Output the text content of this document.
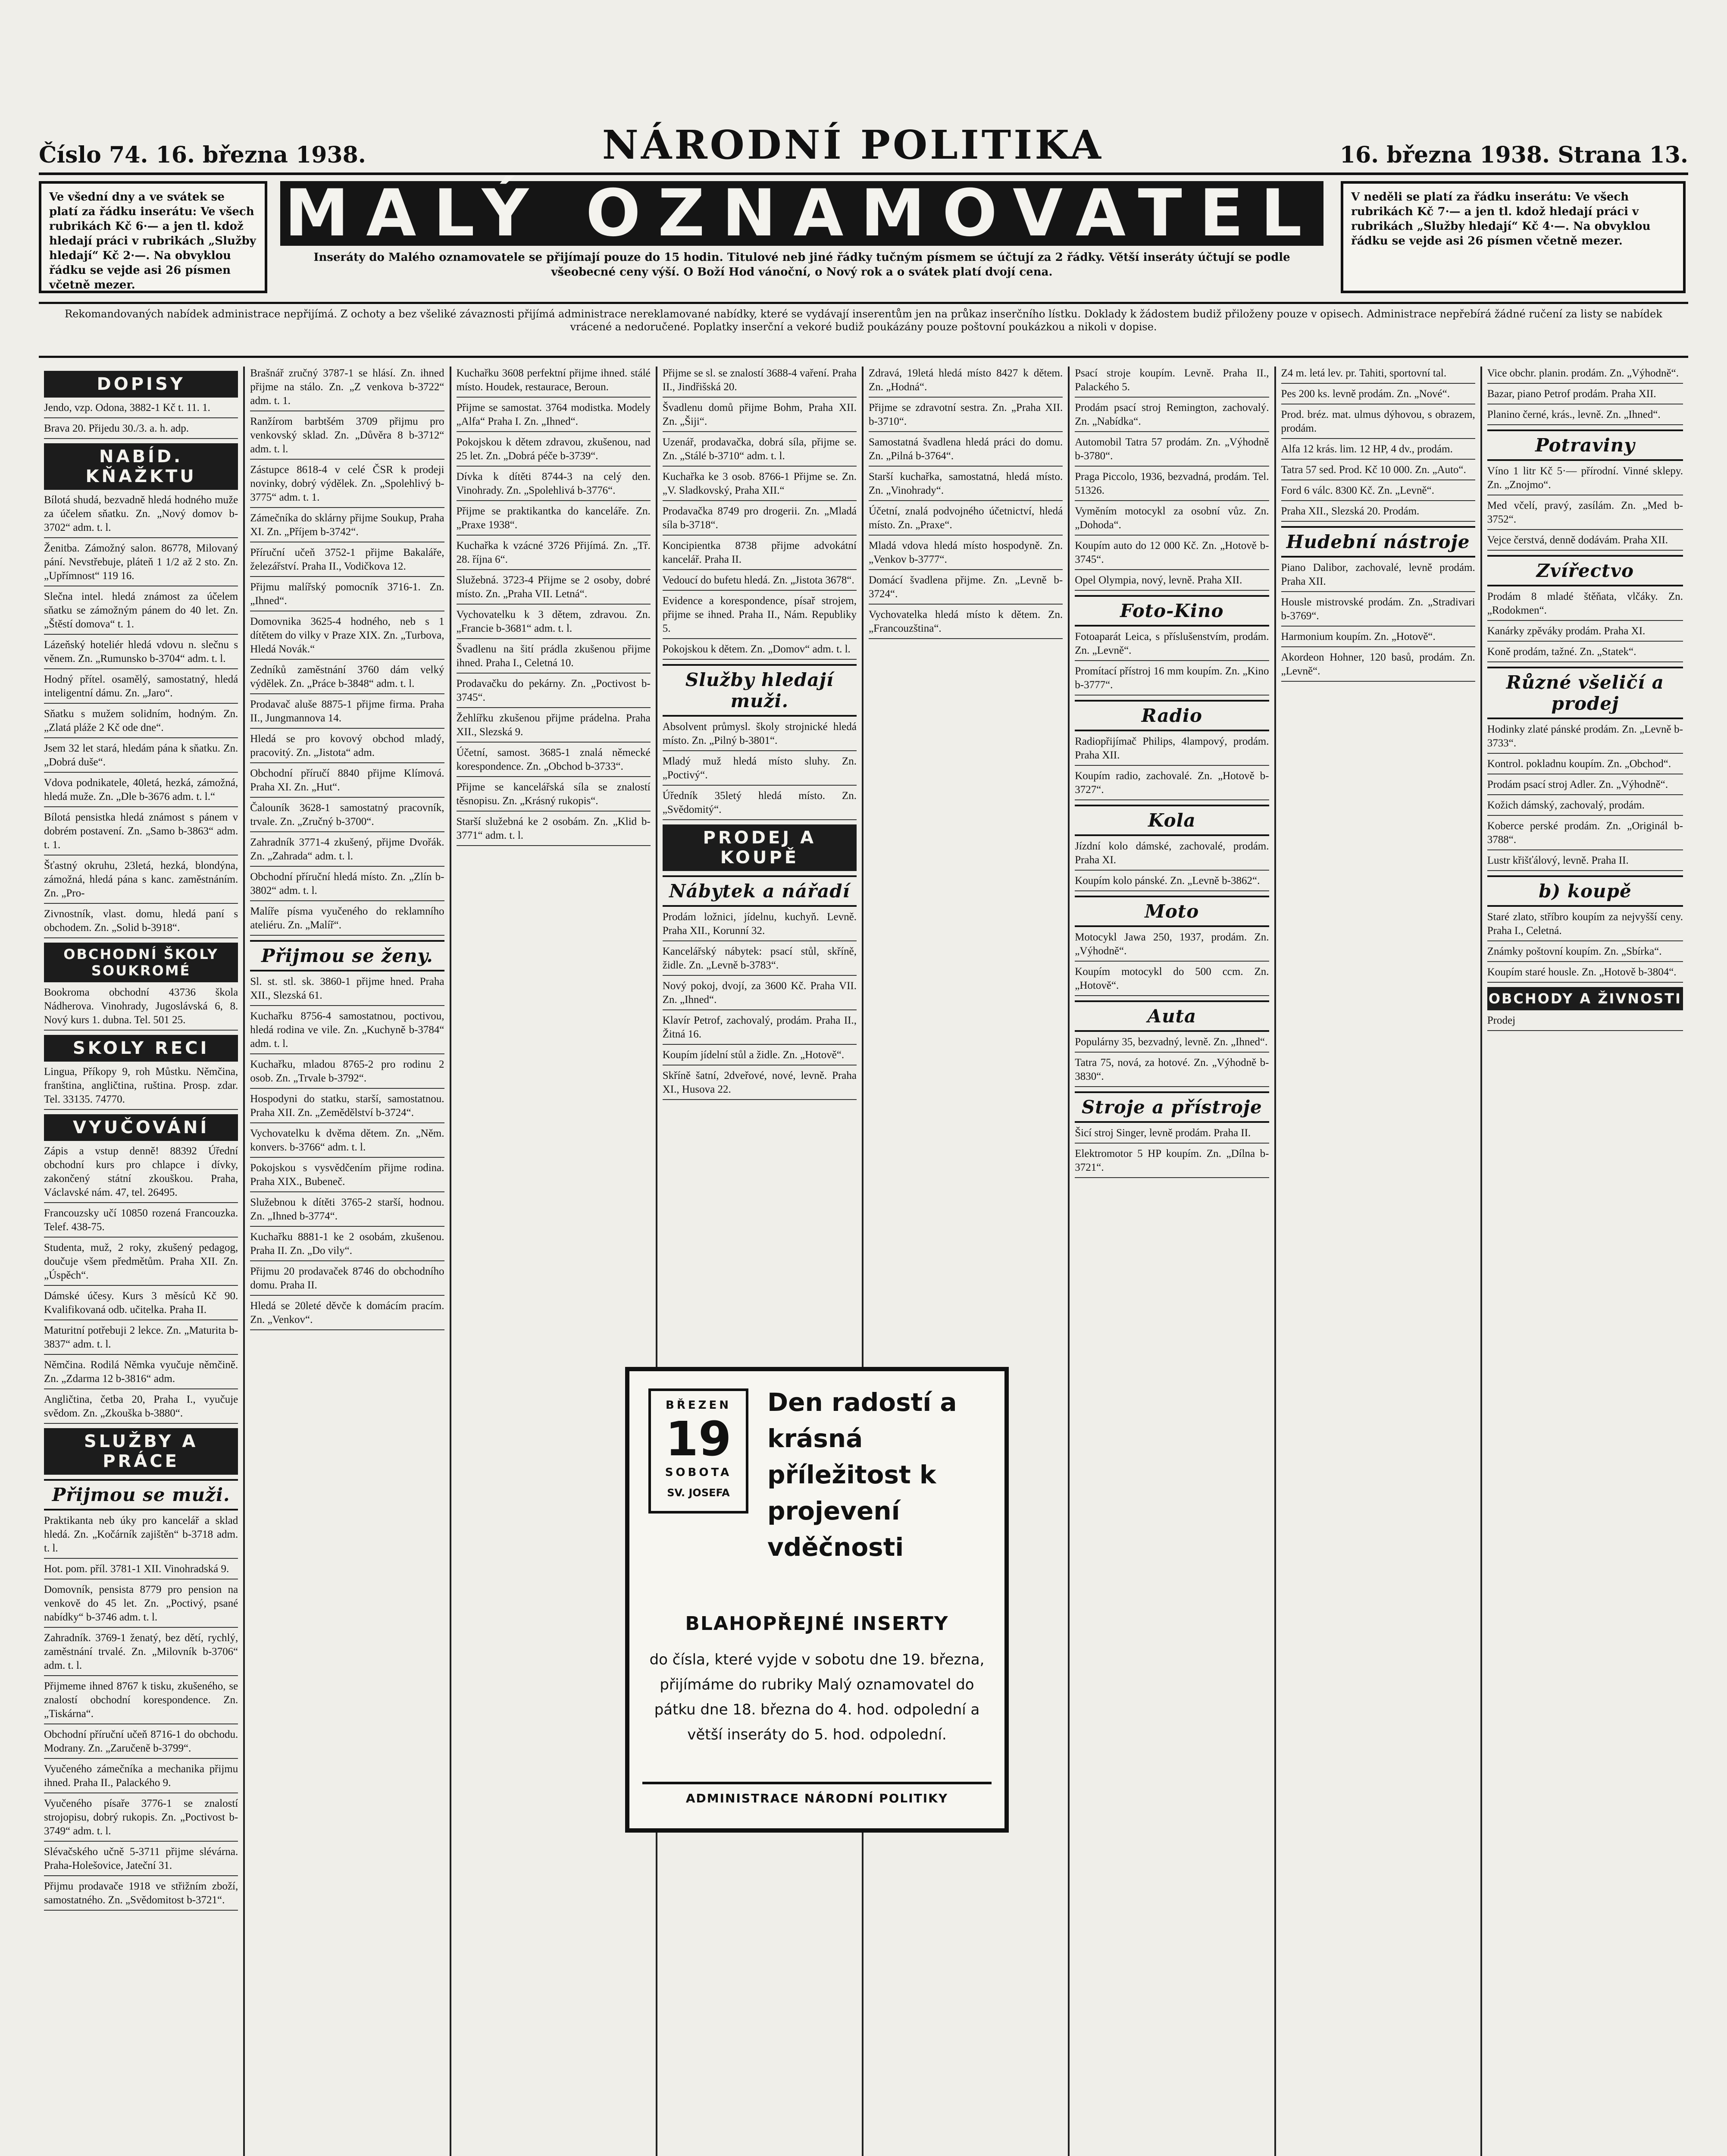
Číslo 74. 16. března 1938.	NÁRODNÍ POLITIKA	16. března 1938. Strana 13.
Ve všední dny a ve svátek se platí za řádku inserátu: Ve všech rubrikách Kč 6·— a jen tl. kdož hledají práci v rubrikách „Služby hledají“ Kč 2·—. Na obvyklou řádku se vejde asi 26 písmen včetně mezer.
MALÝ OZNAMOVATEL
Inseráty do Malého oznamovatele se přijímají pouze do 15 hodin. Titulové neb jiné řádky tučným písmem se účtují za 2 řádky. Větší inseráty účtují se podle všeobecné ceny výší. O Boží Hod vánoční, o Nový rok a o svátek platí dvojí cena.
V neděli se platí za řádku inserátu: Ve všech rubrikách Kč 7·— a jen tl. kdož hledají práci v rubrikách „Služby hledají“ Kč 4·—. Na obvyklou řádku se vejde asi 26 písmen včetně mezer.
Rekomandovaných nabídek administrace nepřijímá. Z ochoty a bez všeliké závaznosti přijímá administrace nereklamované nabídky, které se vydávají inserentům jen na průkaz inserčního lístku. Doklady k žádostem budiž přiloženy pouze v opisech. Administrace nepřebírá žádné ručení za listy se nabídek vrácené a nedoručené. Poplatky inserční a vekoré budiž poukázány pouze poštovní poukázkou a nikoli v dopise.
DOPISY

Jendo, vzp. Odona, 3882-1 Kč t. 11. 1.

Brava 20. Přijedu 30./3. a. h. adp.

NABÍD. KŇAŽKTU

Bílotá shudá, bezvadně hledá hodného muže za účelem sňatku. Zn. „Nový domov b-3702“ adm. t. l.

Ženitba. Zámožný salon. 86778, Milovaný pání. Nevstřebuje, pláteň 1 1/2 až 2 sto. Zn. „Upřímnost“ 119 16.

Slečna intel. hledá známost za účelem sňatku se zámožným pánem do 40 let. Zn. „Štěstí domova“ t. 1.

Lázeňský hoteliér hledá vdovu n. slečnu s věnem. Zn. „Rumunsko b-3704“ adm. t. l.

Hodný přítel. osamělý, samostatný, hledá inteligentní dámu. Zn. „Jaro“.

Sňatku s mužem solidním, hodným. Zn. „Zlatá pláže 2 Kč ode dne“.

Jsem 32 let stará, hledám pána k sňatku. Zn. „Dobrá duše“.

Vdova podnikatele, 40letá, hezká, zámožná, hledá muže. Zn. „Dle b-3676 adm. t. l.“

Bílotá pensistka hledá známost s pánem v dobrém postavení. Zn. „Samo b-3863“ adm. t. 1.

Šťastný okruhu, 23letá, hezká, blondýna, zámožná, hledá pána s kanc. zaměstnáním. Zn. „Pro-

Zivnostník, vlast. domu, hledá paní s obchodem. Zn. „Solid b-3918“.

OBCHODNÍ ŠKOLY SOUKROMÉ

Bookroma obchodní 43736 škola Nádherova. Vinohrady, Jugoslávská 6, 8. Nový kurs 1. dubna. Tel. 501 25.

SKOLY RECI

Lingua, Příkopy 9, roh Můstku. Němčina, franština, angličtina, ruština. Prosp. zdar. Tel. 33135. 74770.

VYUČOVÁNÍ

Zápis a vstup denně! 88392 Úřední obchodní kurs pro chlapce i dívky, zakončený státní zkouškou. Praha, Václavské nám. 47, tel. 26495.

Francouzsky učí 10850 rozená Francouzka. Telef. 438-75.

Studenta, muž, 2 roky, zkušený pedagog, doučuje všem předmětům. Praha XII. Zn. „Úspěch“.

Dámské účesy. Kurs 3 měsíců Kč 90. Kvalifikovaná odb. učitelka. Praha II.

Maturitní potřebuji 2 lekce. Zn. „Maturita b-3837“ adm. t. l.

Němčina. Rodilá Němka vyučuje němčině. Zn. „Zdarma 12 b-3816“ adm.

Angličtina, četba 20, Praha I., vyučuje svědom. Zn. „Zkouška b-3880“.

SLUŽBY A PRÁCE
Přijmou se muži.

Praktikanta neb úky pro kancelář a sklad hledá. Zn. „Kočárník zajištěn“ b-3718 adm. t. l.

Hot. pom. příl. 3781-1 XII. Vinohradská 9.

Domovník, pensista 8779 pro pension na venkově do 45 let. Zn. „Poctivý, psané nabídky“ b-3746 adm. t. l.

Zahradník. 3769-1 ženatý, bez dětí, rychlý, zaměstnání trvalé. Zn. „Milovník b-3706“ adm. t. l.

Přijmeme ihned 8767 k tisku, zkušeného, se znalostí obchodní korespondence. Zn. „Tiskárna“.

Obchodní příruční učeň 8716-1 do obchodu. Modrany. Zn. „Zaručeně b-3799“.

Vyučeného zámečníka a mechanika přijmu ihned. Praha II., Palackého 9.

Vyučeného písaře 3776-1 se znalostí strojopisu, dobrý rukopis. Zn. „Poctivost b-3749“ adm. t. l.

Slévačského učně 5-3711 přijme slévárna. Praha-Holešovice, Jateční 31.

Přijmu prodavače 1918 ve střižním zboží, samostatného. Zn. „Svědomitost b-3721“.

Brašnář zručný 3787-1 se hlásí. Zn. ihned přijme na stálo. Zn. „Z venkova b-3722“ adm. t. 1.

Ranžírom barbtšém 3709 přijmu pro venkovský sklad. Zn. „Důvěra 8 b-3712“ adm. t. l.

Zástupce 8618-4 v celé ČSR k prodeji novinky, dobrý výdělek. Zn. „Spolehlivý b-3775“ adm. t. 1.

Zámečníka do sklárny přijme Soukup, Praha XI. Zn. „Příjem b-3742“.

Příruční učeň 3752-1 přijme Bakaláře, železářství. Praha II., Vodičkova 12.

Přijmu malířský pomocník 3716-1. Zn. „Ihned“.

Domovnika 3625-4 hodného, neb s 1 dítětem do vilky v Praze XIX. Zn. „Turbova, Hledá Novák.“

Zedníků zaměstnání 3760 dám velký výdělek. Zn. „Práce b-3848“ adm. t. l.

Prodavač aluše 8875-1 přijme firma. Praha II., Jungmannova 14.

Hledá se pro kovový obchod mladý, pracovitý. Zn. „Jistota“ adm.

Obchodní příručí 8840 přijme Klímová. Praha XI. Zn. „Hut“.

Čalouník 3628-1 samostatný pracovník, trvale. Zn. „Zručný b-3700“.

Zahradník 3771-4 zkušený, přijme Dvořák. Zn. „Zahrada“ adm. t. l.

Obchodní příruční hledá místo. Zn. „Zlín b-3802“ adm. t. l.

Malíře písma vyučeného do reklamního ateliéru. Zn. „Malíř“.

Přijmou se ženy.

Sl. st. stl. sk. 3860-1 přijme hned. Praha XII., Slezská 61.

Kuchařku 8756-4 samostatnou, poctivou, hledá rodina ve vile. Zn. „Kuchyně b-3784“ adm. t. l.

Kuchařku, mladou 8765-2 pro rodinu 2 osob. Zn. „Trvale b-3792“.

Hospodyni do statku, starší, samostatnou. Praha XII. Zn. „Zemědělství b-3724“.

Vychovatelku k dvěma dětem. Zn. „Něm. konvers. b-3766“ adm. t. l.

Pokojskou s vysvědčením přijme rodina. Praha XIX., Bubeneč.

Služebnou k dítěti 3765-2 starší, hodnou. Zn. „Ihned b-3774“.

Kuchařku 8881-1 ke 2 osobám, zkušenou. Praha II. Zn. „Do vily“.

Přijmu 20 prodavaček 8746 do obchodního domu. Praha II.

Hledá se 20leté děvče k domácím pracím. Zn. „Venkov“.

Kuchařku 3608 perfektní přijme ihned. stálé místo. Houdek, restaurace, Beroun.

Přijme se samostat. 3764 modistka. Modely „Alfa“ Praha I. Zn. „Ihned“.

Pokojskou k dětem zdravou, zkušenou, nad 25 let. Zn. „Dobrá péče b-3739“.

Dívka k dítěti 8744-3 na celý den. Vinohrady. Zn. „Spolehlivá b-3776“.

Přijme se praktikantka do kanceláře. Zn. „Praxe 1938“.

Kuchařka k vzácné 3726 Přijímá. Zn. „Tř. 28. října 6“.

Služebná. 3723-4 Přijme se 2 osoby, dobré místo. Zn. „Praha VII. Letná“.

Vychovatelku k 3 dětem, zdravou. Zn. „Francie b-3681“ adm. t. l.

Švadlenu na šití prádla zkušenou přijme ihned. Praha I., Celetná 10.

Prodavačku do pekárny. Zn. „Poctivost b-3745“.

Žehlířku zkušenou přijme prádelna. Praha XII., Slezská 9.

Účetní, samost. 3685-1 znalá německé korespondence. Zn. „Obchod b-3733“.

Přijme se kancelářská síla se znalostí těsnopisu. Zn. „Krásný rukopis“.

Starší služebná ke 2 osobám. Zn. „Klid b-3771“ adm. t. l.

Přijme se sl. se znalostí 3688-4 vaření. Praha II., Jindřišská 20.

Švadlenu domů přijme Bohm, Praha XII. Zn. „Šiji“.

Uzenář, prodavačka, dobrá síla, přijme se. Zn. „Stálé b-3710“ adm. t. l.

Kuchařka ke 3 osob. 8766-1 Přijme se. Zn. „V. Sladkovský, Praha XII.“

Prodavačka 8749 pro drogerii. Zn. „Mladá síla b-3718“.

Koncipientka 8738 přijme advokátní kancelář. Praha II.

Vedoucí do bufetu hledá. Zn. „Jistota 3678“.

Evidence a korespondence, písař strojem, přijme se ihned. Praha II., Nám. Republiky 5.

Pokojskou k dětem. Zn. „Domov“ adm. t. l.

Služby hledají muži.

Absolvent průmysl. školy strojnické hledá místo. Zn. „Pilný b-3801“.

Mladý muž hledá místo sluhy. Zn. „Poctivý“.

Úředník 35letý hledá místo. Zn. „Svědomitý“.

PRODEJ A KOUPĚ
Nábytek a nářadí

Prodám ložnici, jídelnu, kuchyň. Levně. Praha XII., Korunní 32.

Kancelářský nábytek: psací stůl, skříně, židle. Zn. „Levně b-3783“.

Nový pokoj, dvojí, za 3600 Kč. Praha VII. Zn. „Ihned“.

Klavír Petrof, zachovalý, prodám. Praha II., Žitná 16.

Koupím jídelní stůl a židle. Zn. „Hotově“.

Skříně šatní, 2dveřové, nové, levně. Praha XI., Husova 22.

Zdravá, 19letá hledá místo 8427 k dětem. Zn. „Hodná“.

Přijme se zdravotní sestra. Zn. „Praha XII. b-3710“.

Samostatná švadlena hledá práci do domu. Zn. „Pilná b-3764“.

Starší kuchařka, samostatná, hledá místo. Zn. „Vinohrady“.

Účetní, znalá podvojného účetnictví, hledá místo. Zn. „Praxe“.

Mladá vdova hledá místo hospodyně. Zn. „Venkov b-3777“.

Domácí švadlena přijme. Zn. „Levně b-3724“.

Vychovatelka hledá místo k dětem. Zn. „Francouzština“.

Psací stroje koupím. Levně. Praha II., Palackého 5.

Prodám psací stroj Remington, zachovalý. Zn. „Nabídka“.

Automobil Tatra 57 prodám. Zn. „Výhodně b-3780“.

Praga Piccolo, 1936, bezvadná, prodám. Tel. 51326.

Vyměním motocykl za osobní vůz. Zn. „Dohoda“.

Koupím auto do 12 000 Kč. Zn. „Hotově b-3745“.

Opel Olympia, nový, levně. Praha XII.

Foto-Kino

Fotoaparát Leica, s příslušenstvím, prodám. Zn. „Levně“.

Promítací přístroj 16 mm koupím. Zn. „Kino b-3777“.

Radio

Radiopřijímač Philips, 4lampový, prodám. Praha XII.

Koupím radio, zachovalé. Zn. „Hotově b-3727“.

Kola

Jízdní kolo dámské, zachovalé, prodám. Praha XI.

Koupím kolo pánské. Zn. „Levně b-3862“.

Moto

Motocykl Jawa 250, 1937, prodám. Zn. „Výhodně“.

Koupím motocykl do 500 ccm. Zn. „Hotově“.

Auta

Populárny 35, bezvadný, levně. Zn. „Ihned“.

Tatra 75, nová, za hotové. Zn. „Výhodně b-3830“.

Stroje a přístroje

Šicí stroj Singer, levně prodám. Praha II.

Elektromotor 5 HP koupím. Zn. „Dílna b-3721“.

Z4 m. letá lev. pr. Tahiti, sportovní tal.

Pes 200 ks. levně prodám. Zn. „Nové“.

Prod. bréz. mat. ulmus dýhovou, s obrazem, prodám.

Alfa 12 krás. lim. 12 HP, 4 dv., prodám.

Tatra 57 sed. Prod. Kč 10 000. Zn. „Auto“.

Ford 6 válc. 8300 Kč. Zn. „Levně“.

Praha XII., Slezská 20. Prodám.

Hudební nástroje

Piano Dalibor, zachovalé, levně prodám. Praha XII.

Housle mistrovské prodám. Zn. „Stradivari b-3769“.

Harmonium koupím. Zn. „Hotově“.

Akordeon Hohner, 120 basů, prodám. Zn. „Levně“.

Vice obchr. planin. prodám. Zn. „Výhodně“.

Bazar, piano Petrof prodám. Praha XII.

Planino černé, krás., levně. Zn. „Ihned“.

Potraviny

Víno 1 litr Kč 5·— přírodní. Vinné sklepy. Zn. „Znojmo“.

Med včelí, pravý, zasílám. Zn. „Med b-3752“.

Vejce čerstvá, denně dodávám. Praha XII.

Zvířectvo

Prodám 8 mladé štěňata, vlčáky. Zn. „Rodokmen“.

Kanárky zpěváky prodám. Praha XI.

Koně prodám, tažné. Zn. „Statek“.

Různé všeličí a prodej

Hodinky zlaté pánské prodám. Zn. „Levně b-3733“.

Kontrol. pokladnu koupím. Zn. „Obchod“.

Prodám psací stroj Adler. Zn. „Výhodně“.

Kožich dámský, zachovalý, prodám.

Koberce perské prodám. Zn. „Originál b-3788“.

Lustr křišťálový, levně. Praha II.

b) koupě

Staré zlato, stříbro koupím za nejvyšší ceny. Praha I., Celetná.

Známky poštovní koupím. Zn. „Sbírka“.

Koupím staré housle. Zn. „Hotově b-3804“.

OBCHODY A ŽIVNOSTI

Prodej

BŘEZEN
19
SOBOTA
SV. JOSEFA
Den radostí a krásná příležitost k projevení vděčnosti
BLAHOPŘEJNÉ INSERTY
do čísla, které vyjde v sobotu dne 19. března, přijímáme do rubriky Malý oznamovatel do pátku dne 18. března do 4. hod. odpolední a větší inseráty do 5. hod. odpolední.
ADMINISTRACE NÁRODNÍ POLITIKY
